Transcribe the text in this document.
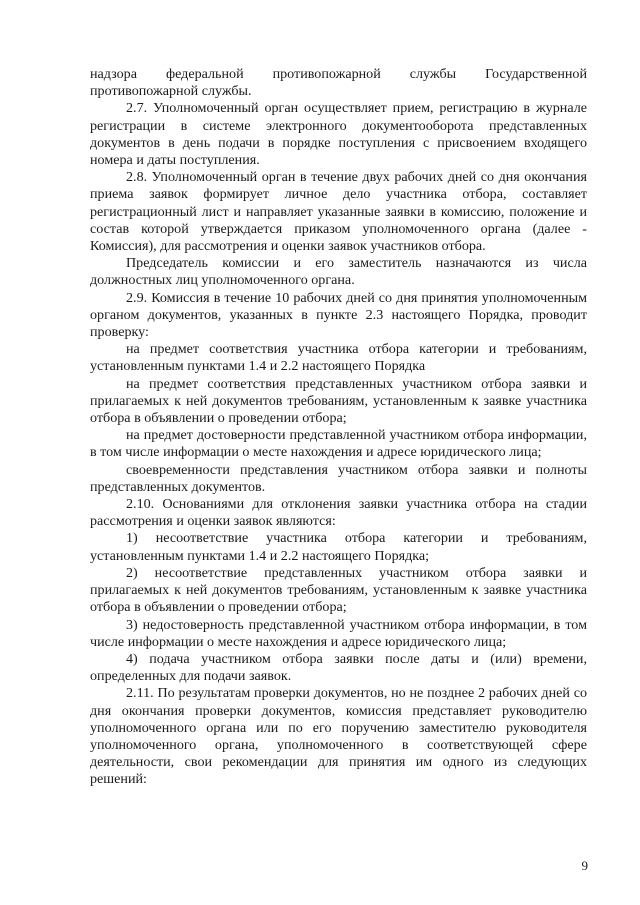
надзора федеральной противопожарной службы Государственной противопожарной службы.

2.7. Уполномоченный орган осуществляет прием, регистрацию в журнале регистрации в системе электронного документооборота представленных документов в день подачи в порядке поступления с присвоением входящего номера и даты поступления.

2.8. Уполномоченный орган в течение двух рабочих дней со дня окончания приема заявок формирует личное дело участника отбора, составляет регистрационный лист и направляет указанные заявки в комиссию, положение и состав которой утверждается приказом уполномоченного органа (далее - Комиссия), для рассмотрения и оценки заявок участников отбора.

Председатель комиссии и его заместитель назначаются из числа должностных лиц уполномоченного органа.

2.9. Комиссия в течение 10 рабочих дней со дня принятия уполномоченным органом документов, указанных в пункте 2.3 настоящего Порядка, проводит проверку:

на предмет соответствия участника отбора категории и требованиям, установленным пунктами 1.4 и 2.2 настоящего Порядка

на предмет соответствия представленных участником отбора заявки и прилагаемых к ней документов требованиям, установленным к заявке участника отбора в объявлении о проведении отбора;

на предмет достоверности представленной участником отбора информации, в том числе информации о месте нахождения и адресе юридического лица;

своевременности представления участником отбора заявки и полноты представленных документов.

2.10. Основаниями для отклонения заявки участника отбора на стадии рассмотрения и оценки заявок являются:

1) несоответствие участника отбора категории и требованиям, установленным пунктами 1.4 и 2.2 настоящего Порядка;

2) несоответствие представленных участником отбора заявки и прилагаемых к ней документов требованиям, установленным к заявке участника отбора в объявлении о проведении отбора;

3) недостоверность представленной участником отбора информации, в том числе информации о месте нахождения и адресе юридического лица;

4) подача участником отбора заявки после даты и (или) времени, определенных для подачи заявок.

2.11. По результатам проверки документов, но не позднее 2 рабочих дней со дня окончания проверки документов, комиссия представляет руководителю уполномоченного органа или по его поручению заместителю руководителя уполномоченного органа, уполномоченного в соответствующей сфере деятельности, свои рекомендации для принятия им одного из следующих решений:

9
